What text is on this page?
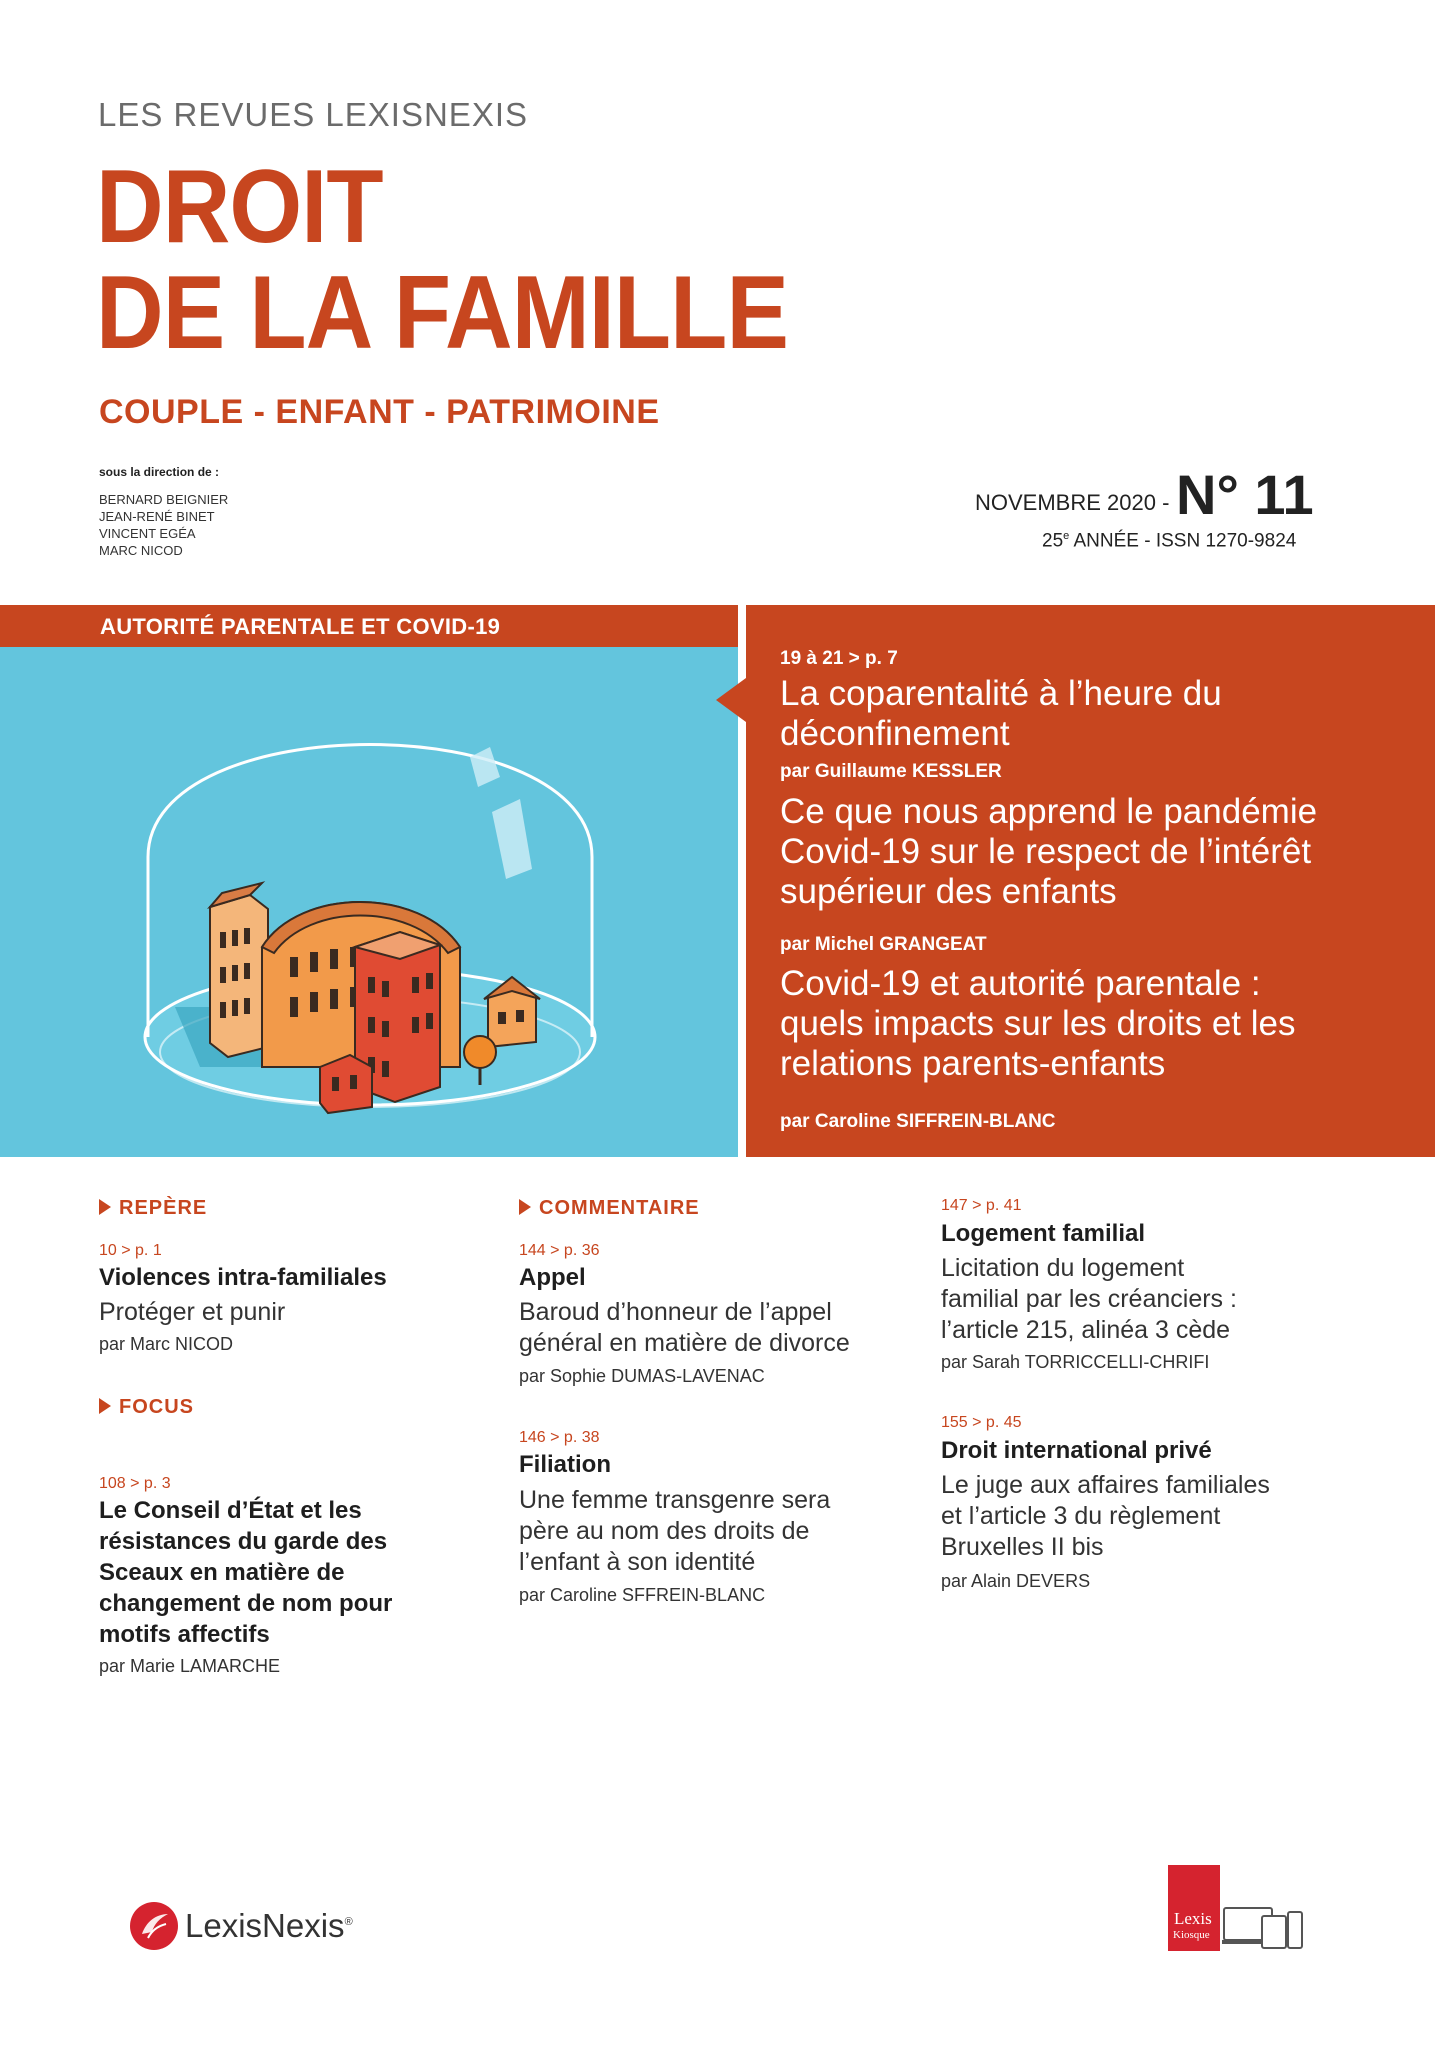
LES REVUES LEXISNEXIS
DROIT
DE LA FAMILLE
COUPLE - ENFANT - PATRIMOINE
sous la direction de :
BERNARD BEIGNIER
JEAN-RENÉ BINET
VINCENT EGÉA
MARC NICOD
NOVEMBRE 2020 - N° 11
25e ANNÉE - ISSN 1270-9824
AUTORITÉ PARENTALE ET COVID-19
19 à 21 > p. 7
La coparentalité à l’heure du
déconfinement
par Guillaume KESSLER
Ce que nous apprend le pandémie
Covid-19 sur le respect de l’intérêt
supérieur des enfants
par Michel GRANGEAT
Covid-19 et autorité parentale :
quels impacts sur les droits et les
relations parents-enfants
par Caroline SIFFREIN-BLANC
REPÈRE
10 > p. 1
Violences intra-familiales
Protéger et punir
par Marc NICOD
FOCUS
108 > p. 3
Le Conseil d’État et les
résistances du garde des
Sceaux en matière de
changement de nom pour
motifs affectifs
par Marie LAMARCHE
COMMENTAIRE
144 > p. 36
Appel
Baroud d’honneur de l’appel
général en matière de divorce
par Sophie DUMAS-LAVENAC
146 > p. 38
Filiation
Une femme transgenre sera
père au nom des droits de
l’enfant à son identité
par Caroline SFFREIN-BLANC
147 > p. 41
Logement familial
Licitation du logement
familial par les créanciers :
l’article 215, alinéa 3 cède
par Sarah TORRICCELLI-CHRIFI
155 > p. 45
Droit international privé
Le juge aux affaires familiales
et l’article 3 du règlement
Bruxelles II bis
par Alain DEVERS
LexisNexis®	Lexis
Kiosque
